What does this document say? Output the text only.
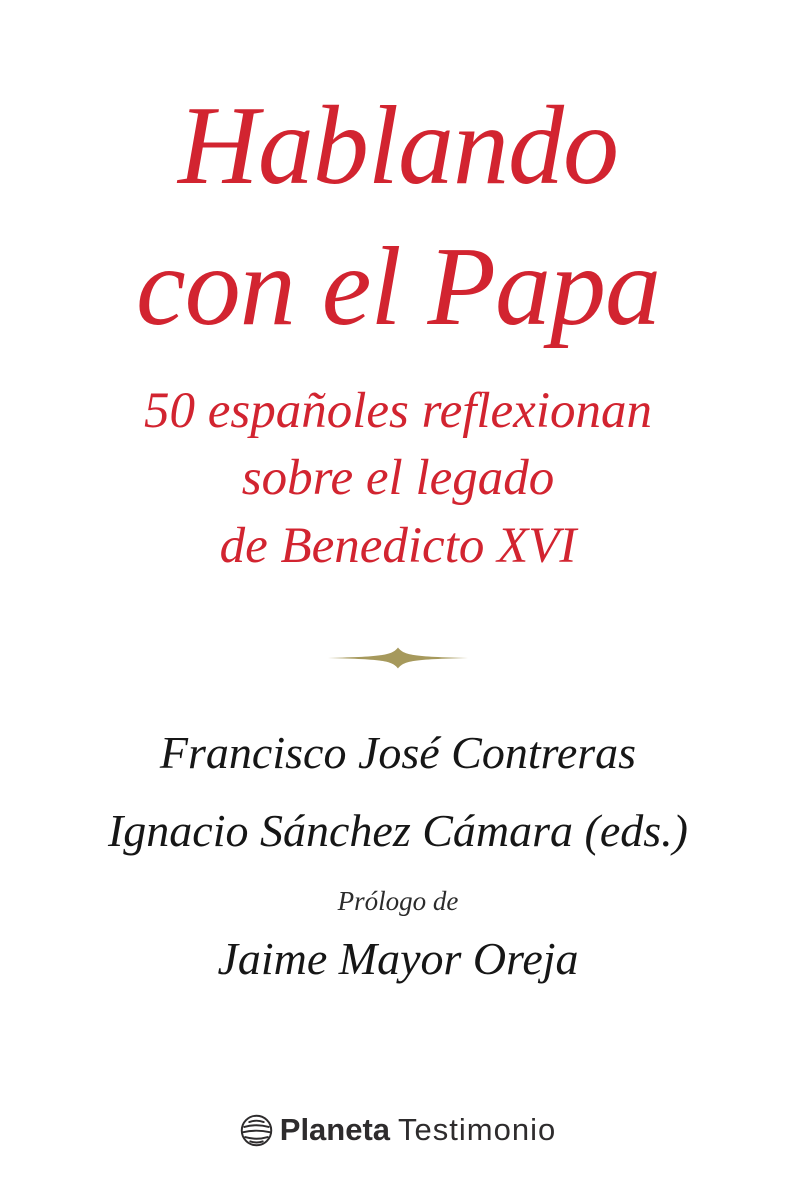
Hablando
con el Papa
50 españoles reflexionan
sobre el legado
de Benedicto XVI
Francisco José Contreras
Ignacio Sánchez Cámara (eds.)
Prólogo de
Jaime Mayor Oreja
Planeta Testimonio
